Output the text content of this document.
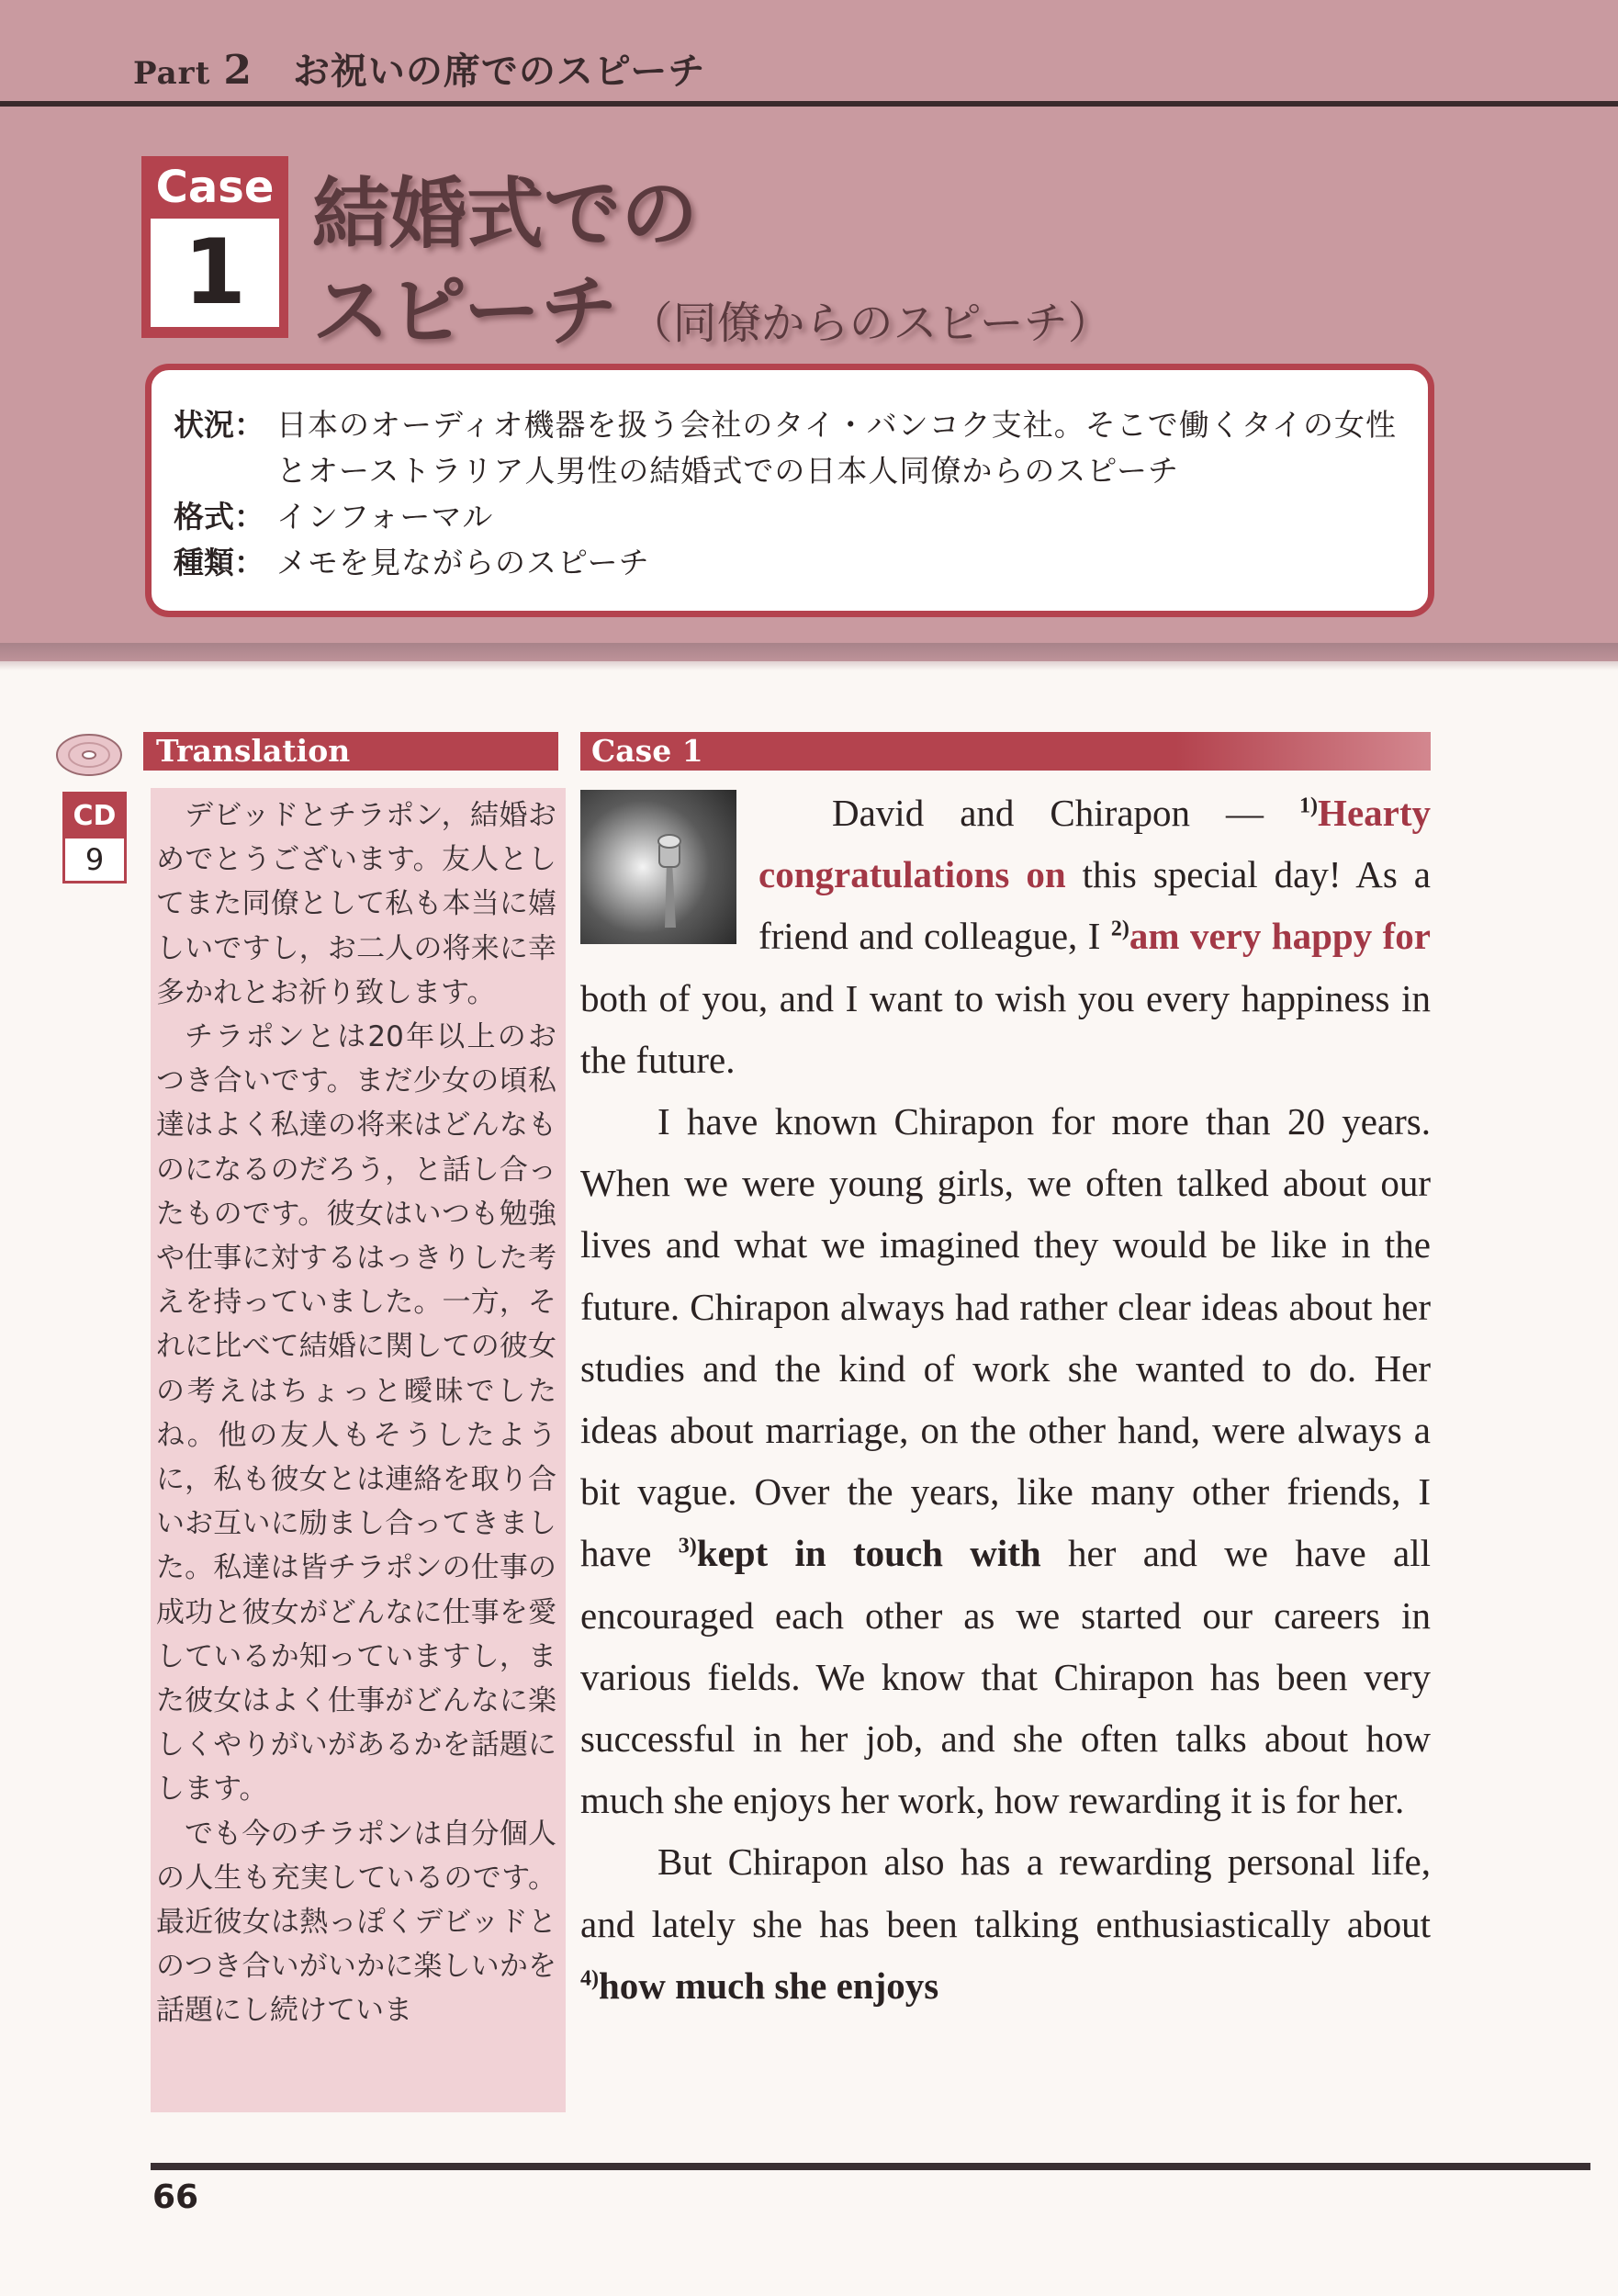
Part 2 お祝いの席でのスピーチ
Case
1
結婚式での
スピーチ （同僚からのスピーチ）
状況： 日本のオーディオ機器を扱う会社のタイ・バンコク支社。そこで働くタイの女性
とオーストラリア人男性の結婚式での日本人同僚からのスピーチ
格式： インフォーマル
種類： メモを見ながらのスピーチ
Translation
CD
9

デビッドとチラポン，結婚おめでとうございます。友人としてまた同僚として私も本当に嬉しいですし，お二人の将来に幸多かれとお祈り致します。

チラポンとは20年以上のおつき合いです。まだ少女の頃私達はよく私達の将来はどんなものになるのだろう，と話し合ったものです。彼女はいつも勉強や仕事に対するはっきりした考えを持っていました。一方，それに比べて結婚に関しての彼女の考えはちょっと曖昧でしたね。他の友人もそうしたように，私も彼女とは連絡を取り合いお互いに励まし合ってきました。私達は皆チラポンの仕事の成功と彼女がどんなに仕事を愛しているか知っていますし，また彼女はよく仕事がどんなに楽しくやりがいがあるかを話題にします。

でも今のチラポンは自分個人の人生も充実しているのです。最近彼女は熱っぽくデビッドとのつき合いがいかに楽しいかを話題にし続けていま

Case 1

David and Chirapon — $^{1)}$Hearty congratulations on this special day! As a friend and colleague, I $^{2)}$am very happy for both of you, and I want to wish you every happiness in the future.

I have known Chirapon for more than 20 years. When we were young girls, we often talked about our lives and what we imagined they would be like in the future. Chirapon always had rather clear ideas about her studies and the kind of work she wanted to do. Her ideas about marriage, on the other hand, were always a bit vague. Over the years, like many other friends, I have $^{3)}$kept in touch with her and we have all encouraged each other as we started our careers in various fields. We know that Chirapon has been very successful in her job, and she often talks about how much she enjoys her work, how rewarding it is for her.

But Chirapon also has a rewarding personal life, and lately she has been talking enthusiastically about $^{4)}$how much she enjoys

66
